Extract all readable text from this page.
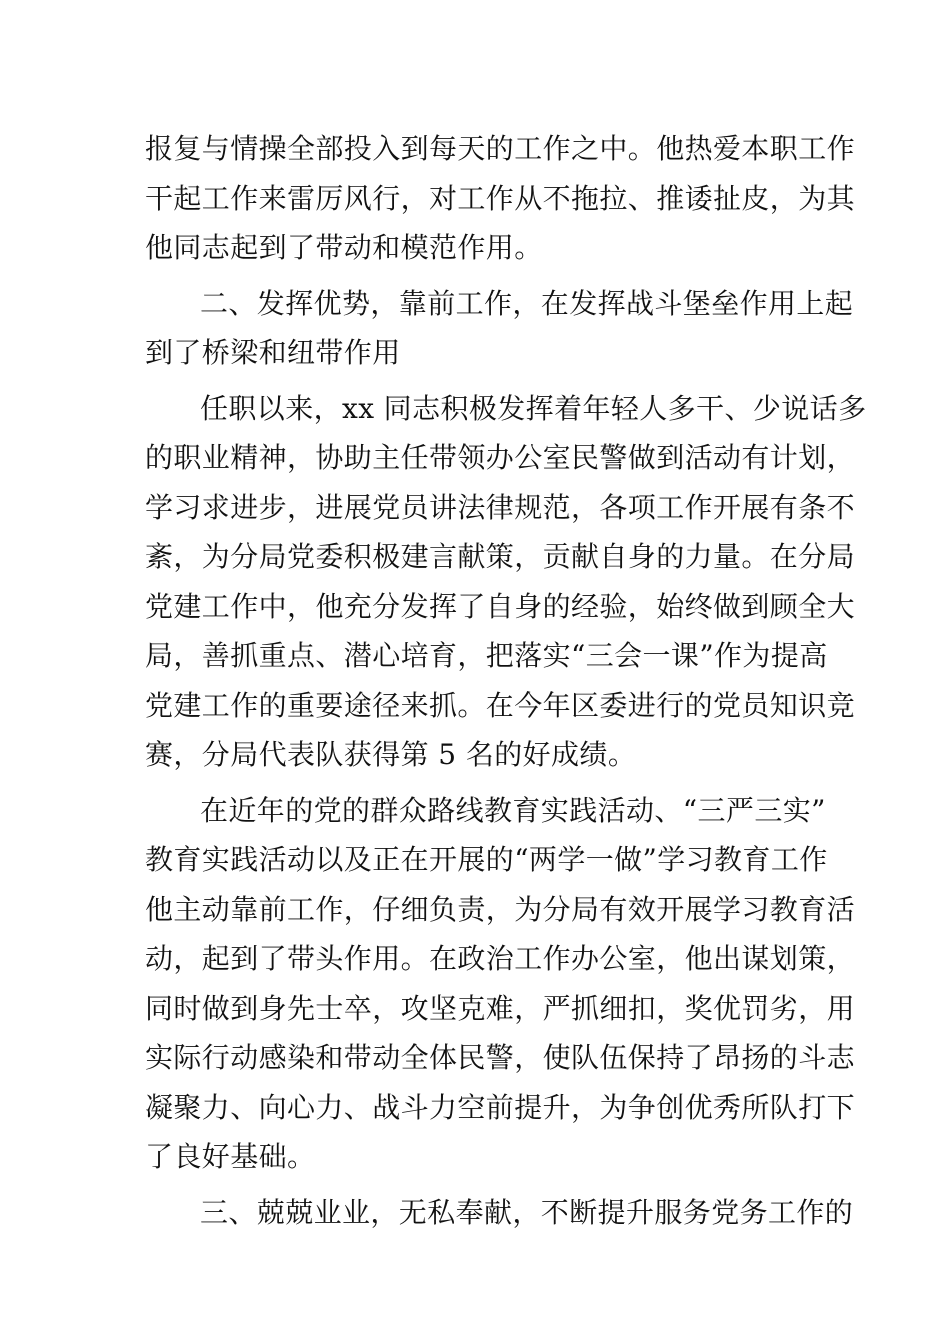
报复与情操全部投入到每天的工作之中。他热爱本职工作
干起工作来雷厉风行，对工作从不拖拉、推诿扯皮，为其
他同志起到了带动和模范作用。
二、发挥优势，靠前工作，在发挥战斗堡垒作用上起
到了桥梁和纽带作用
任职以来，xx 同志积极发挥着年轻人多干、少说话多
的职业精神，协助主任带领办公室民警做到活动有计划，
学习求进步，进展党员讲法律规范，各项工作开展有条不
紊，为分局党委积极建言献策，贡献自身的力量。在分局
党建工作中，他充分发挥了自身的经验，始终做到顾全大
局，善抓重点、潜心培育，把落实“三会一课”作为提高
党建工作的重要途径来抓。在今年区委进行的党员知识竞
赛，分局代表队获得第 5 名的好成绩。
在近年的党的群众路线教育实践活动、“三严三实”
教育实践活动以及正在开展的“两学一做”学习教育工作
他主动靠前工作，仔细负责，为分局有效开展学习教育活
动，起到了带头作用。在政治工作办公室，他出谋划策，
同时做到身先士卒，攻坚克难，严抓细扣，奖优罚劣，用
实际行动感染和带动全体民警，使队伍保持了昂扬的斗志
凝聚力、向心力、战斗力空前提升，为争创优秀所队打下
了良好基础。
三、兢兢业业，无私奉献，不断提升服务党务工作的
